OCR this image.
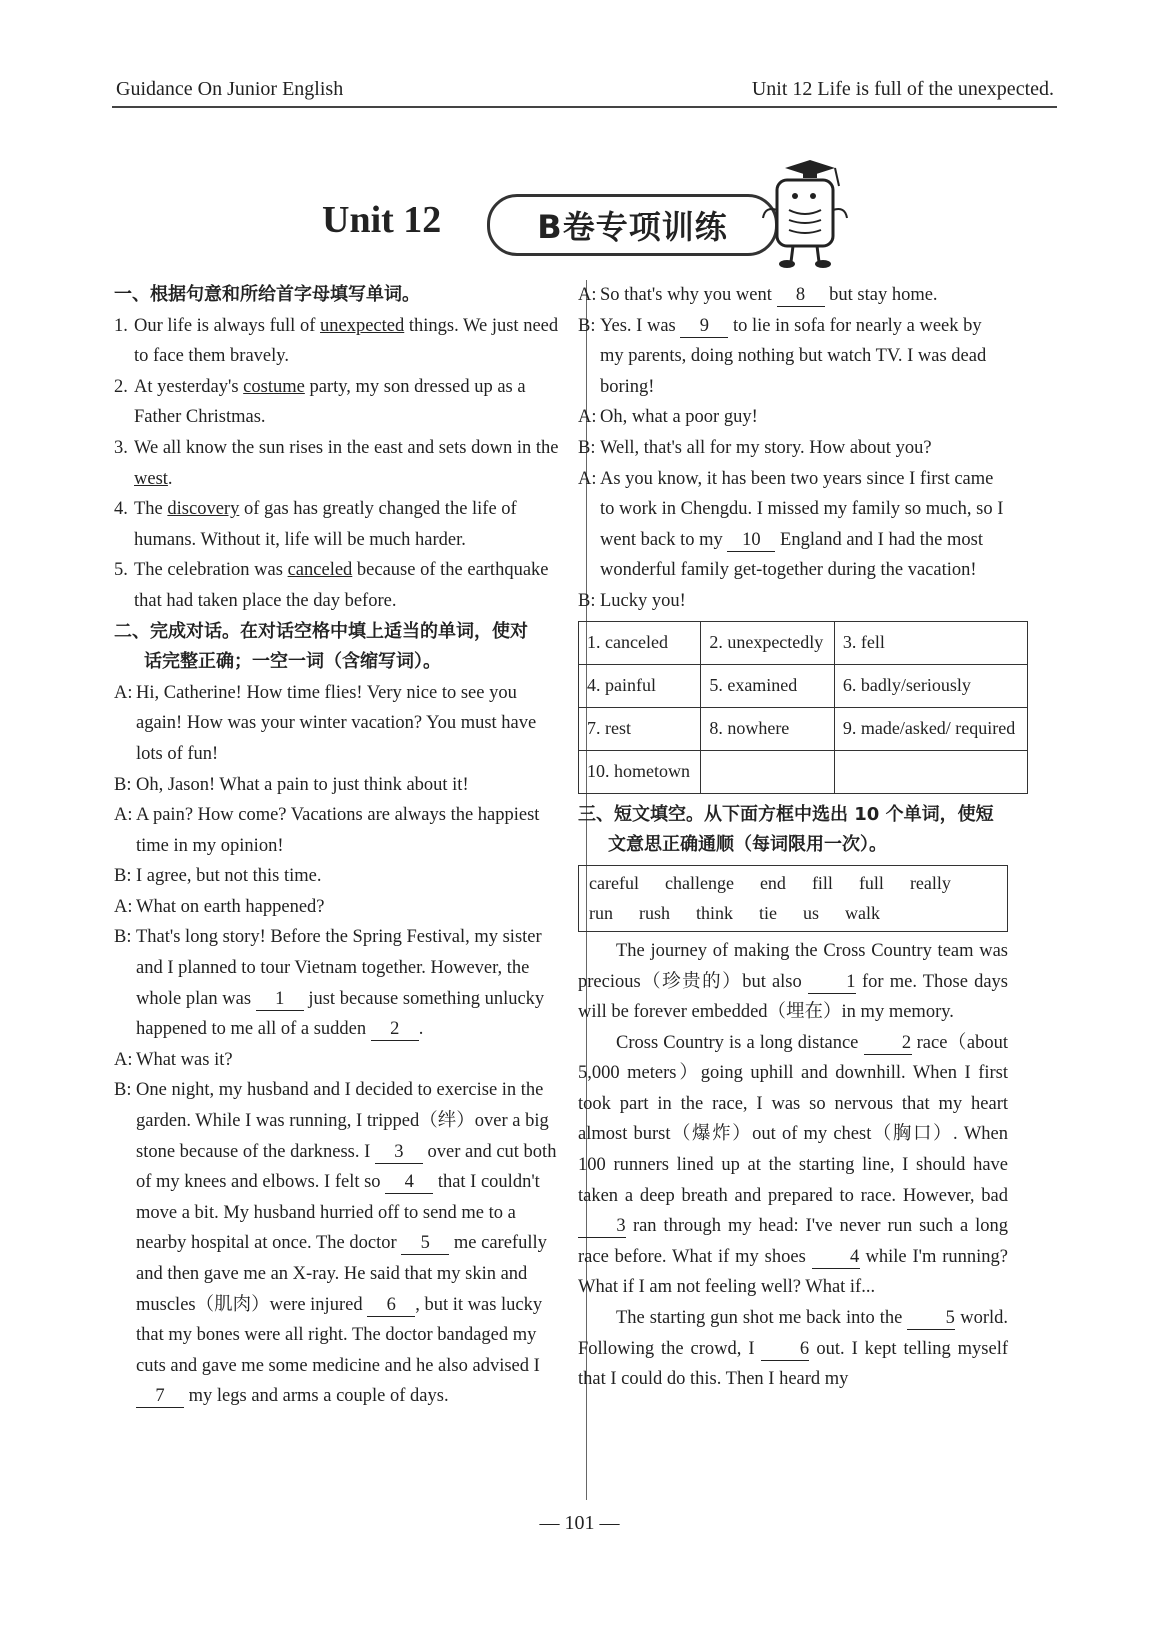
Guidance On Junior English	Unit 12 Life is full of the unexpected.
Unit 12	B卷专项训练
一、根据句意和所给首字母填写单词。
1. Our life is always full of unexpected things. We just need to face them bravely.
2. At yesterday's costume party, my son dressed up as a Father Christmas.
3. We all know the sun rises in the east and sets down in the west.
4. The discovery of gas has greatly changed the life of humans. Without it, life will be much harder.
5. The celebration was canceled because of the earthquake that had taken place the day before.
二、完成对话。在对话空格中填上适当的单词，使对
话完整正确；一空一词（含缩写词）。
A: Hi, Catherine! How time flies! Very nice to see you again! How was your winter vacation? You must have lots of fun!
B: Oh, Jason! What a pain to just think about it!
A: A pain? How come? Vacations are always the happiest time in my opinion!
B: I agree, but not this time.
A: What on earth happened?
B: That's long story! Before the Spring Festival, my sister and I planned to tour Vietnam together. However, the whole plan was 1 just because something unlucky happened to me all of a sudden 2 .
A: What was it?
B: One night, my husband and I decided to exercise in the garden. While I was running, I tripped（绊）over a big stone because of the darkness. I 3 over and cut both of my knees and elbows. I felt so 4 that I couldn't move a bit. My husband hurried off to send me to a nearby hospital at once. The doctor 5 me carefully and then gave me an X-ray. He said that my skin and muscles（肌肉）were injured 6 , but it was lucky that my bones were all right. The doctor bandaged my cuts and gave me some medicine and he also advised I 7 my legs and arms a couple of days.
A: So that's why you went 8 but stay home.
B: Yes. I was 9 to lie in sofa for nearly a week by my parents, doing nothing but watch TV. I was dead boring!
A: Oh, what a poor guy!
B: Well, that's all for my story. How about you?
A: As you know, it has been two years since I first came to work in Chengdu. I missed my family so much, so I went back to my 10 England and I had the most wonderful family get-together during the vacation!
B: Lucky you!
1. canceled	2. unexpectedly	3. fell
4. painful	5. examined	6. badly/seriously
7. rest	8. nowhere	9. made/asked/ required
10. hometown		
三、短文填空。从下面方框中选出 10 个单词，使短
文意思正确通顺（每词限用一次）。
careful challenge end fill full really
run rush think tie us walk
The journey of making the Cross Country team was precious（珍贵的）but also 1 for me. Those days will be forever embedded（埋在）in my memory.
Cross Country is a long distance 2 race（about 5,000 meters）going uphill and downhill. When I first took part in the race, I was so nervous that my heart almost burst（爆炸）out of my chest（胸口）. When 100 runners lined up at the starting line, I should have taken a deep breath and prepared to race. However, bad 3 ran through my head: I've never run such a long race before. What if my shoes 4 while I'm running? What if I am not feeling well? What if...
The starting gun shot me back into the 5 world. Following the crowd, I 6 out. I kept telling myself that I could do this. Then I heard my
— 101 —
